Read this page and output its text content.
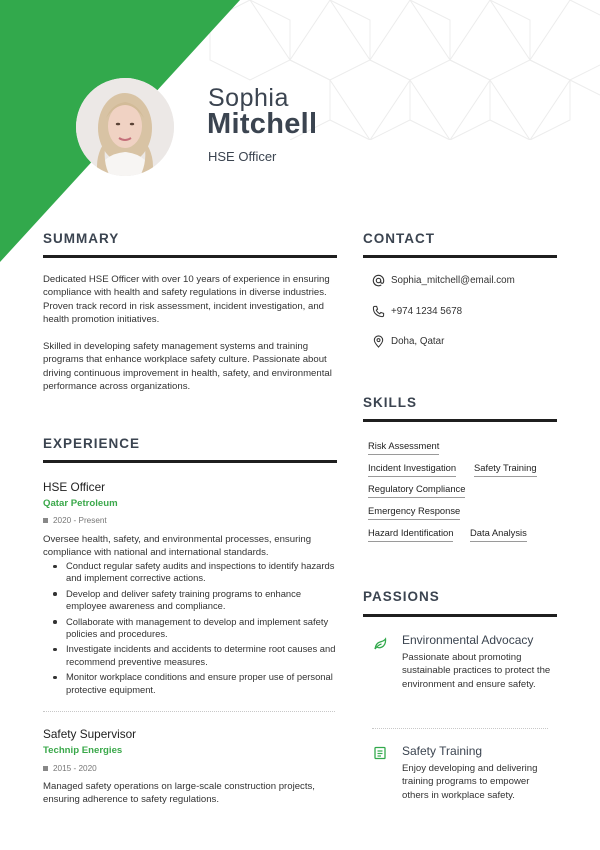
Sophia
Mitchell
HSE Officer
SUMMARY
Dedicated HSE Officer with over 10 years of experience in ensuring compliance with health and safety regulations in diverse industries. Proven track record in risk assessment, incident investigation, and health promotion initiatives.
Skilled in developing safety management systems and training programs that enhance workplace safety culture. Passionate about driving continuous improvement in health, safety, and environmental performance across organizations.
EXPERIENCE
HSE Officer
Qatar Petroleum
2020 - Present
Oversee health, safety, and environmental processes, ensuring compliance with national and international standards.
Conduct regular safety audits and inspections to identify hazards and implement corrective actions.
Develop and deliver safety training programs to enhance employee awareness and compliance.
Collaborate with management to develop and implement safety policies and procedures.
Investigate incidents and accidents to determine root causes and recommend preventive measures.
Monitor workplace conditions and ensure proper use of personal protective equipment.
Safety Supervisor
Technip Energies
2015 - 2020
Managed safety operations on large-scale construction projects, ensuring adherence to safety regulations.
CONTACT
Sophia_mitchell@email.com
+974 1234 5678
Doha, Qatar
SKILLS
Risk Assessment
Incident Investigation Safety Training
Regulatory Compliance
Emergency Response
Hazard Identification Data Analysis
PASSIONS
Environmental Advocacy
Passionate about promoting sustainable practices to protect the environment and ensure safety.
Safety Training
Enjoy developing and delivering training programs to empower others in workplace safety.
